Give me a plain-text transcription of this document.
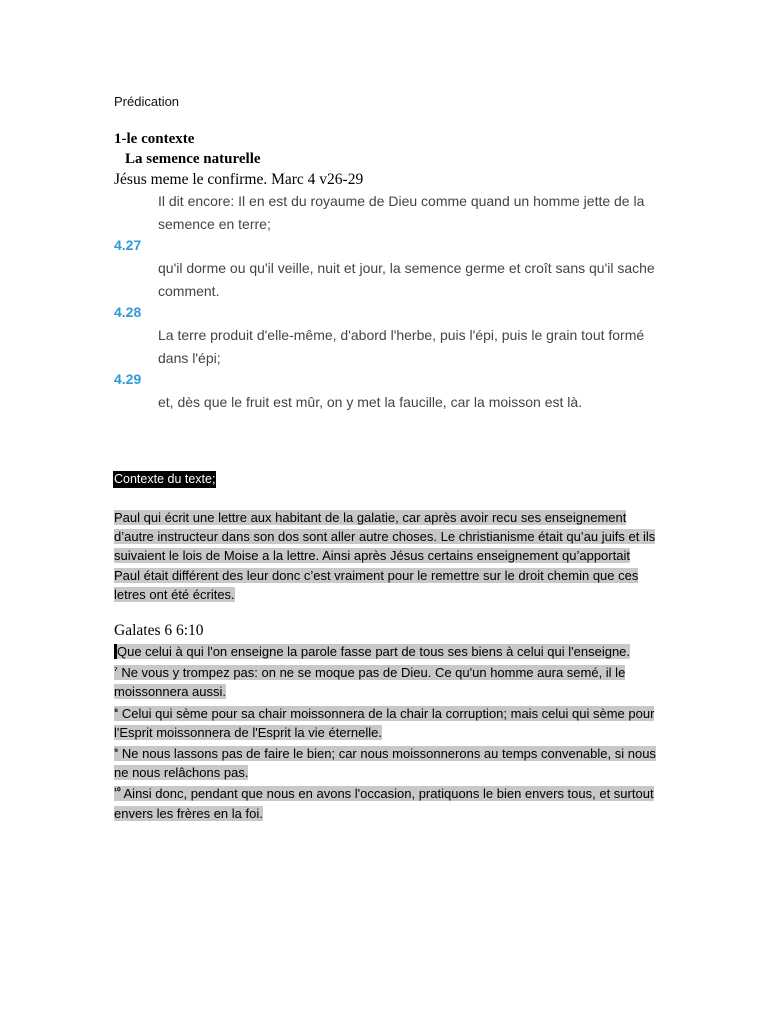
Prédication
1-le contexte
La semence naturelle
Jésus meme le confirme. Marc 4 v26-29
Il dit encore: Il en est du royaume de Dieu comme quand un homme jette de la semence en terre;
4.27
qu'il dorme ou qu'il veille, nuit et jour, la semence germe et croît sans qu'il sache comment.
4.28
La terre produit d'elle-même, d'abord l'herbe, puis l'épi, puis le grain tout formé dans l'épi;
4.29
et, dès que le fruit est mûr, on y met la faucille, car la moisson est là.
Contexte du texte;
Paul qui écrit une lettre aux habitant de la galatie, car après avoir recu ses enseignement d’autre instructeur dans son dos sont aller autre choses. Le christianisme était qu’au juifs et ils suivaient le lois de Moise a la lettre. Ainsi après Jésus certains enseignement qu’apportait Paul était différent des leur donc c’est vraiment pour le remettre sur le droit chemin que ces letres ont été écrites.
Galates 6 6:10
Que celui à qui l'on enseigne la parole fasse part de tous ses biens à celui qui l'enseigne.
$^{^7}$ Ne vous y trompez pas: on ne se moque pas de Dieu. Ce qu'un homme aura semé, il le moissonnera aussi.
$^{^8}$ Celui qui sème pour sa chair moissonnera de la chair la corruption; mais celui qui sème pour l'Esprit moissonnera de l'Esprit la vie éternelle.
$^{^9}$ Ne nous lassons pas de faire le bien; car nous moissonnerons au temps convenable, si nous ne nous relâchons pas.
$^{^{10}}$ Ainsi donc, pendant que nous en avons l'occasion, pratiquons le bien envers tous, et surtout envers les frères en la foi.
